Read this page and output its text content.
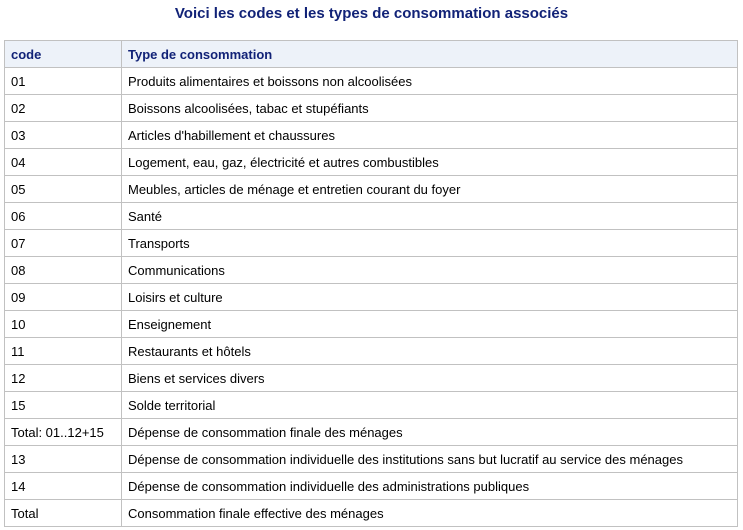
Voici les codes et les types de consommation associés
code	Type de consommation
01	Produits alimentaires et boissons non alcoolisées
02	Boissons alcoolisées, tabac et stupéfiants
03	Articles d'habillement et chaussures
04	Logement, eau, gaz, électricité et autres combustibles
05	Meubles, articles de ménage et entretien courant du foyer
06	Santé
07	Transports
08	Communications
09	Loisirs et culture
10	Enseignement
11	Restaurants et hôtels
12	Biens et services divers
15	Solde territorial
Total: 01..12+15	Dépense de consommation finale des ménages
13	Dépense de consommation individuelle des institutions sans but lucratif au service des ménages
14	Dépense de consommation individuelle des administrations publiques
Total	Consommation finale effective des ménages
